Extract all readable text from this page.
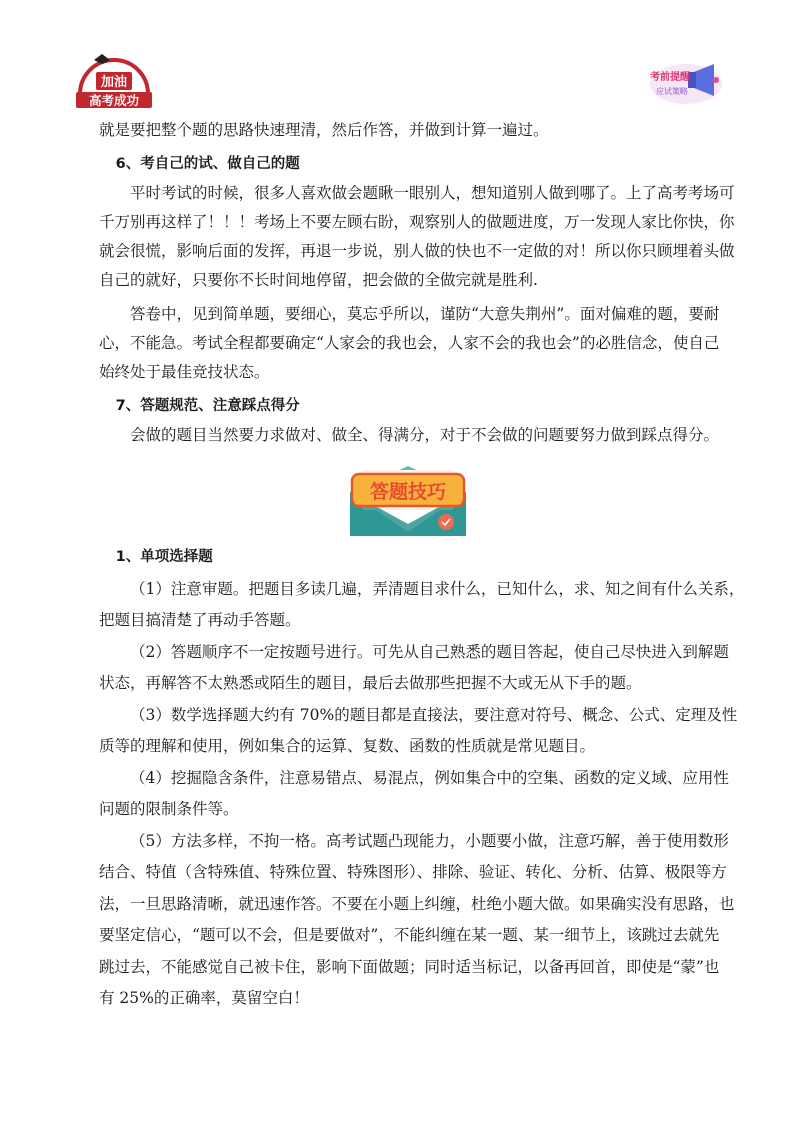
加油
高考成功
考前提醒
应试策略
就是要把整个题的思路快速理清，然后作答，并做到计算一遍过。
6、考自己的试、做自己的题
平时考试的时候，很多人喜欢做会题瞅一眼别人，想知道别人做到哪了。上了高考考场可
千万别再这样了！！！考场上不要左顾右盼，观察别人的做题进度，万一发现人家比你快，你
就会很慌，影响后面的发挥，再退一步说，别人做的快也不一定做的对！所以你只顾埋着头做
自己的就好，只要你不长时间地停留，把会做的全做完就是胜利.
答卷中，见到简单题，要细心，莫忘乎所以，谨防“大意失荆州”。面对偏难的题，要耐
心，不能急。考试全程都要确定“人家会的我也会，人家不会的我也会”的必胜信念，使自己
始终处于最佳竞技状态。
7、答题规范、注意踩点得分
会做的题目当然要力求做对、做全、得满分，对于不会做的问题要努力做到踩点得分。
答题技巧
1、单项选择题
（1）注意审题。把题目多读几遍，弄清题目求什么，已知什么，求、知之间有什么关系，
把题目搞清楚了再动手答题。
（2）答题顺序不一定按题号进行。可先从自己熟悉的题目答起，使自己尽快进入到解题
状态，再解答不太熟悉或陌生的题目，最后去做那些把握不大或无从下手的题。
（3）数学选择题大约有 70%的题目都是直接法，要注意对符号、概念、公式、定理及性
质等的理解和使用，例如集合的运算、复数、函数的性质就是常见题目。
（4）挖掘隐含条件，注意易错点、易混点，例如集合中的空集、函数的定义域、应用性
问题的限制条件等。
（5）方法多样，不拘一格。高考试题凸现能力，小题要小做，注意巧解，善于使用数形
结合、特值（含特殊值、特殊位置、特殊图形）、排除、验证、转化、分析、估算、极限等方
法，一旦思路清晰，就迅速作答。不要在小题上纠缠，杜绝小题大做。如果确实没有思路，也
要坚定信心，“题可以不会，但是要做对”，不能纠缠在某一题、某一细节上，该跳过去就先
跳过去，不能感觉自己被卡住，影响下面做题；同时适当标记，以备再回首，即使是“蒙”也
有 25%的正确率，莫留空白！
